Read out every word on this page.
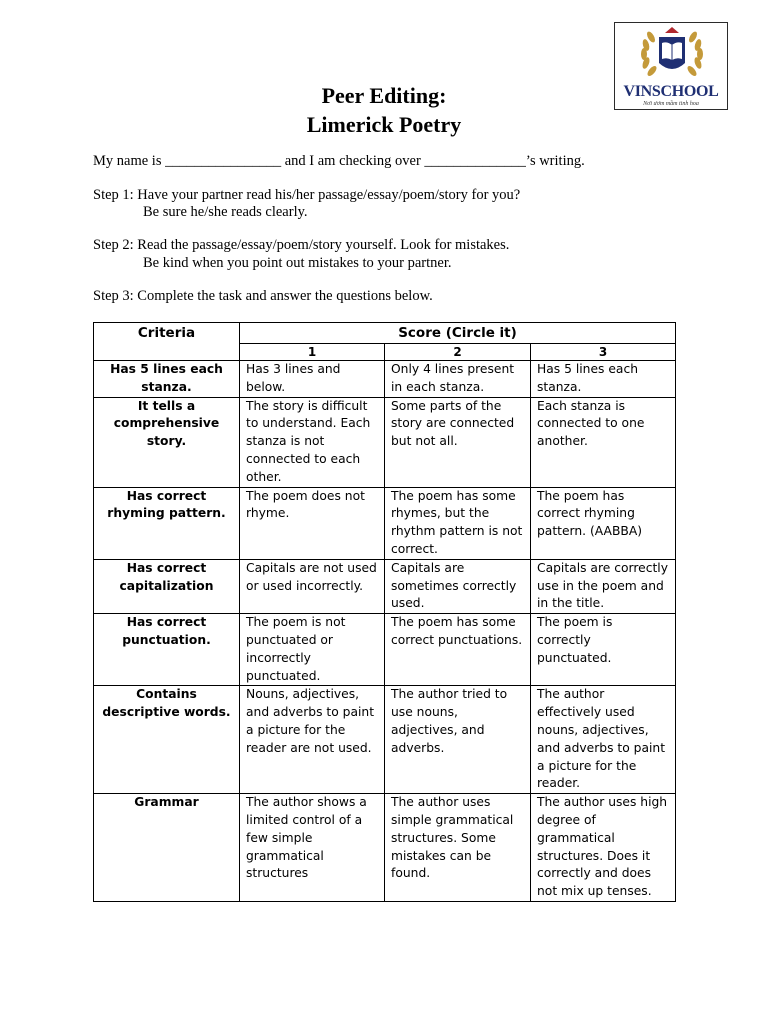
VINSCHOOL
Nơi ươm mầm tinh hoa
Peer Editing:
Limerick Poetry
My name is ________________ and I am checking over ______________’s writing.
Step 1: Have your partner read his/her passage/essay/poem/story for you?
Be sure he/she reads clearly.
Step 2: Read the passage/essay/poem/story yourself. Look for mistakes.
Be kind when you point out mistakes to your partner.
Step 3: Complete the task and answer the questions below.
Criteria	Score (Circle it)		
	1	2	3
Has 5 lines each stanza.	Has 3 lines and below.	Only 4 lines present in each stanza.	Has 5 lines each stanza.
It tells a comprehensive story.	The story is difficult to understand. Each stanza is not connected to each other.	Some parts of the story are connected but not all.	Each stanza is connected to one another.
Has correct rhyming pattern.	The poem does not rhyme.	The poem has some rhymes, but the rhythm pattern is not correct.	The poem has correct rhyming pattern. (AABBA)
Has correct capitalization	Capitals are not used or used incorrectly.	Capitals are sometimes correctly used.	Capitals are correctly use in the poem and in the title.
Has correct punctuation.	The poem is not punctuated or incorrectly punctuated.	The poem has some correct punctuations.	The poem is correctly punctuated.
Contains descriptive words.	Nouns, adjectives, and adverbs to paint a picture for the reader are not used.	The author tried to use nouns, adjectives, and adverbs.	The author effectively used nouns, adjectives, and adverbs to paint a picture for the reader.
Grammar	The author shows a limited control of a few simple grammatical structures	The author uses simple grammatical structures. Some mistakes can be found.	The author uses high degree of grammatical structures. Does it correctly and does not mix up tenses.
